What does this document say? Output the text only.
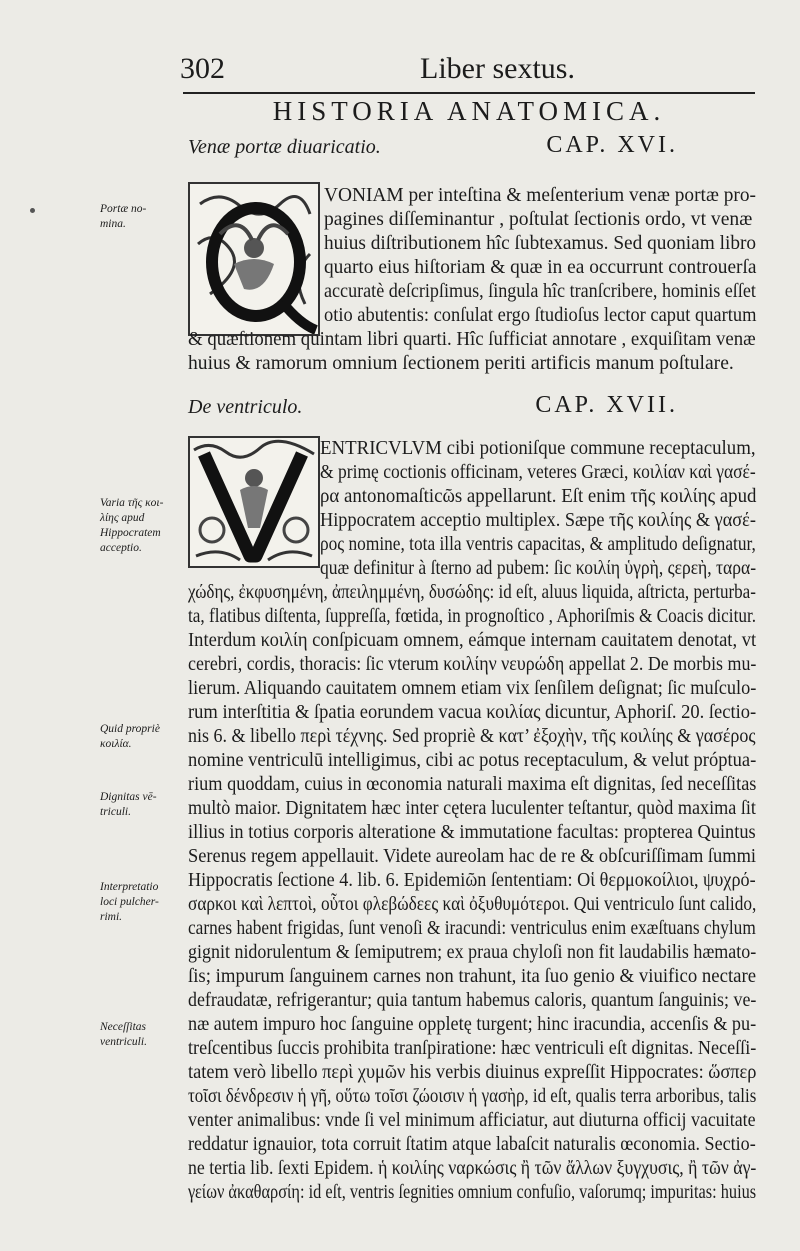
302	Liber sextus.
HISTORIA ANATOMICA.
Venæ portæ diuaricatio.	CAP. XVI.
VONIAM per inteſtina & meſenterium venæ portæ pro-
pagines diſſeminantur , poſtulat ſectionis ordo, vt venæ
huius diſtributionem hîc ſubtexamus. Sed quoniam libro
quarto eius hiſtoriam & quæ in ea occurrunt controuerſa
accuratè deſcripſimus, ſingula hîc tranſcribere, hominis eſſet
otio abutentis: conſulat ergo ſtudioſus lector caput quartum
& quæſtionem quintam libri quarti. Hîc ſufficiat annotare , exquiſitam venæ
huius & ramorum omnium ſectionem periti artificis manum poſtulare.
De ventriculo.	CAP. XVII.
ENTRICVLVM cibi potioniſque commune receptaculum,
& primę coctionis officinam, veteres Græci, κοιλίαν καὶ γασέ-
ρα antonomaſticῶs appellarunt. Eſt enim τῆς κοιλίης apud
Hippocratem acceptio multiplex. Sæpe τῆς κοιλίης & γασέ-
ρος nomine, tota illa ventris capacitas, & amplitudo deſignatur,
quæ definitur à ſterno ad pubem: ſic κοιλίη ὑγρὴ, ςερεὴ, ταρα-
χώδης, ἐκφυσημένη, ἀπειλημμένη, δυσώδης: id eſt, aluus liquida, aſtricta, perturba-
ta, flatibus diſtenta, ſuppreſſa, fœtida, in prognoſtico , Aphoriſmis & Coacis dicitur.
Interdum κοιλίη conſpicuam omnem, eámque internam cauitatem denotat, vt
cerebri, cordis, thoracis: ſic vterum κοιλίην νευρώδη appellat 2. De morbis mu-
lierum. Aliquando cauitatem omnem etiam vix ſenſilem deſignat; ſic muſculo-
rum interſtitia & ſpatia eorundem vacua κοιλίας dicuntur, Aphoriſ. 20. ſectio-
nis 6. & libello περὶ τέχνης. Sed propriè & κατ’ ἐξοχὴν, τῆς κοιλίης & γασέρος
nomine ventriculū intelligimus, cibi ac potus receptaculum, & velut próptua-
rium quoddam, cuius in œconomia naturali maxima eſt dignitas, ſed neceſſitas
multò maior. Dignitatem hæc inter cętera luculenter teſtantur, quòd maxima ſit
illius in totius corporis alteratione & immutatione facultas: propterea Quintus
Serenus regem appellauit. Videte aureolam hac de re & obſcuriſſimam ſummi
Hippocratis ſectione 4. lib. 6. Epidemiῶn ſententiam: Οἱ θερμοκοίλιοι, ψυχρό-
σαρκοι καὶ λεπτοὶ, οὗτοι φλεβώδεες καὶ ὀξυθυμότεροι. Qui ventriculo ſunt calido,
carnes habent frigidas, ſunt venoſi & iracundi: ventriculus enim exæſtuans chylum
gignit nidorulentum & ſemiputrem; ex praua chyloſi non fit laudabilis hæmato-
ſis; impurum ſanguinem carnes non trahunt, ita ſuo genio & viuifico nectare
defraudatæ, refrigerantur; quia tantum habemus caloris, quantum ſanguinis; ve-
næ autem impuro hoc ſanguine oppletę turgent; hinc iracundia, accenſis & pu-
treſcentibus ſuccis prohibita tranſpiratione: hæc ventriculi eſt dignitas. Neceſſi-
tatem verò libello περὶ χυμῶν his verbis diuinus expreſſit Hippocrates: ὥσπερ
τοῖσι δένδρεσιν ἡ γῆ, οὕτω τοῖσι ζώοισιν ἡ γασὴρ, id eſt, qualis terra arboribus, talis
venter animalibus: vnde ſi vel minimum afficiatur, aut diuturna officij vacuitate
reddatur ignauior, tota corruit ſtatim atque labaſcit naturalis œconomia. Sectio-
ne tertia lib. ſexti Epidem. ἡ κοιλίης ναρκώσις ἢ τῶν ἄλλων ξυγχυσις, ἢ τῶν ἀγ-
γείων ἀκαθαρσίη: id eſt, ventris ſegnities omnium confuſio, vaſorumq; impuritas: huius
Portæ no-
mina.
Varia τῆς κοι-
λίης apud
Hippocratem
acceptio.
Quid propriè
κοιλία.
Dignitas vē-
triculi.
Interpretatio
loci pulcher-
rimi.
Neceſſitas
ventriculi.
